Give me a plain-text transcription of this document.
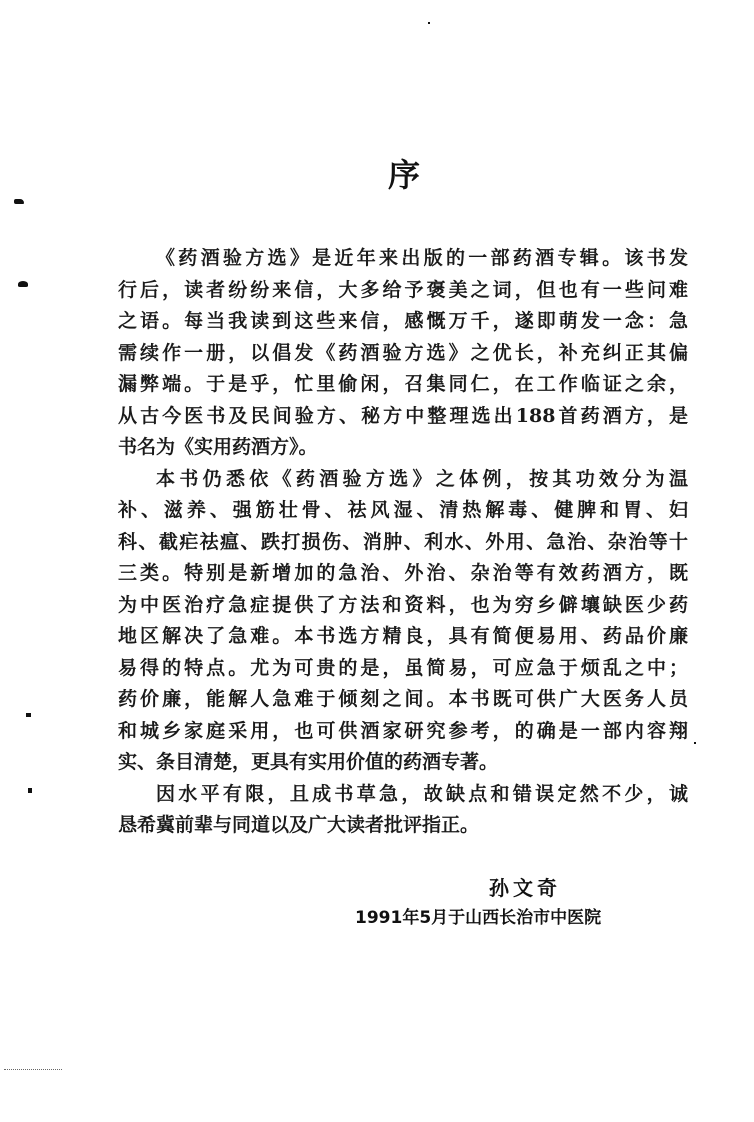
序
《药酒验方选》是近年来出版的一部药酒专辑。该书发
行后，读者纷纷来信，大多给予褒美之词，但也有一些问难
之语。每当我读到这些来信，感慨万千，遂即萌发一念：急
需续作一册，以倡发《药酒验方选》之优长，补充纠正其偏
漏弊端。于是乎，忙里偷闲，召集同仁，在工作临证之余，
从古今医书及民间验方、秘方中整理选出188首药酒方，是
书名为《实用药酒方》。
本书仍悉依《药酒验方选》之体例，按其功效分为温
补、滋养、强筋壮骨、祛风湿、清热解毒、健脾和胃、妇
科、截疟祛瘟、跌打损伤、消肿、利水、外用、急治、杂治等十
三类。特别是新增加的急治、外治、杂治等有效药酒方，既
为中医治疗急症提供了方法和资料，也为穷乡僻壤缺医少药
地区解决了急难。本书选方精良，具有简便易用、药品价廉
易得的特点。尤为可贵的是，虽简易，可应急于烦乱之中；
药价廉，能解人急难于倾刻之间。本书既可供广大医务人员
和城乡家庭采用，也可供酒家研究参考，的确是一部内容翔
实、条目清楚，更具有实用价值的药酒专著。
因水平有限，且成书草急，故缺点和错误定然不少，诚
恳希冀前辈与同道以及广大读者批评指正。
孙文奇
1991年5月于山西长治市中医院
